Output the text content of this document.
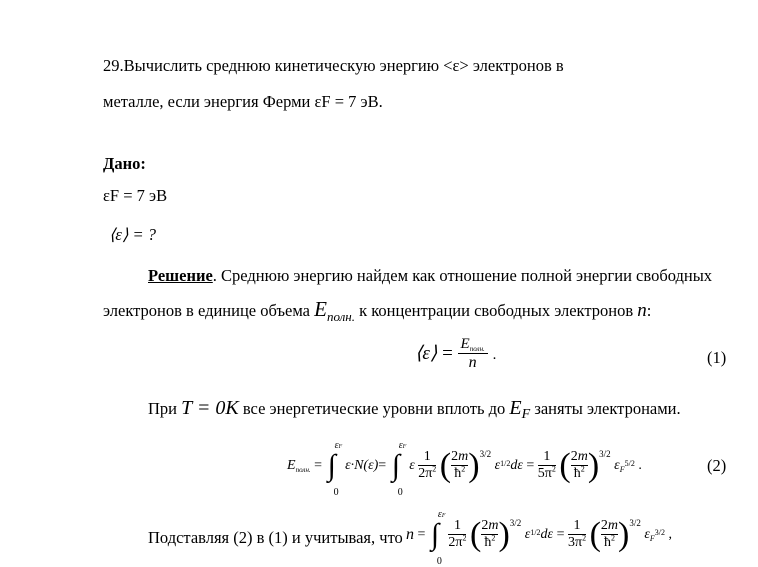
29.Вычислить среднюю кинетическую энергию <ε> электронов в
металле, если энергия Ферми εF = 7 эВ.
Дано:
εF = 7 эВ
⟨ε⟩ = ?
Решение. Среднюю энергию найдем как отношение полной энергии свободных
электронов в единице объема $E_{полн.}$ к концентрации свободных электронов n:
⟨ε⟩ = $\frac{E_{полн.}}{n}$ .	(1)
При T = 0K все энергетические уровни вплоть до $E_F$ заняты электронами.
$E_{полн.}$ = ∫
εF
0
ε·N(ε)= ∫
εF
0
ε $\frac{1}{2\pi^2}$ ( $\frac{2m}{ħ^2} )3/2$ $\varepsilon 1/2d\varepsilon = \frac{1}{5\pi^2}$ ( $\frac{2m}{ħ^2} )3/2$ $\varepsilon_F5/2$ .	(2)
Подставляя (2) в (1) и учитывая, что n = ∫
εF
0

$\frac{1}{2\pi^2}$ ( $\frac{2m}{ħ^2} )3/2$ $\varepsilon 1/2d\varepsilon = \frac{1}{3\pi^2}$ ( $\frac{2m}{ħ^2} )3/2$ $\varepsilon_F3/2$ ,
